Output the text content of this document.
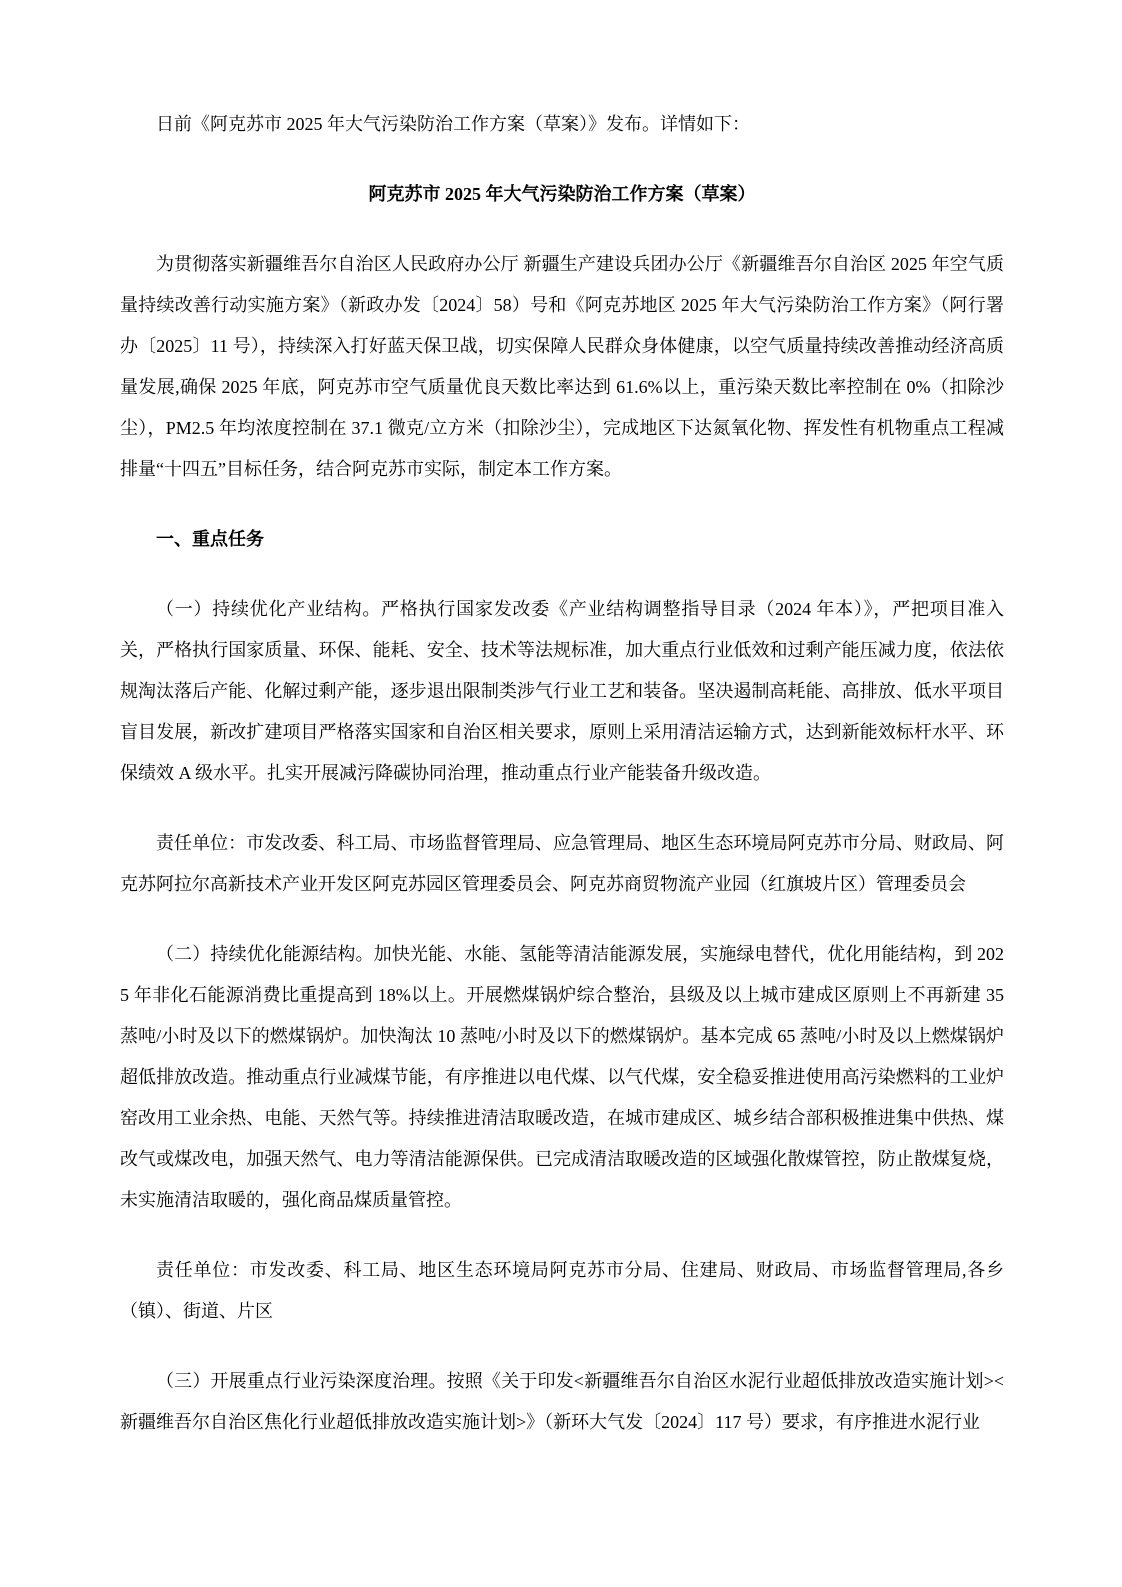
日前《阿克苏市 2025 年大气污染防治工作方案（草案）》发布。详情如下：

阿克苏市 2025 年大气污染防治工作方案（草案）

为贯彻落实新疆维吾尔自治区人民政府办公厅 新疆生产建设兵团办公厅《新疆维吾尔自治区 2025 年空气质量持续改善行动实施方案》（新政办发〔2024〕58）号和《阿克苏地区 2025 年大气污染防治工作方案》（阿行署办〔2025〕11 号），持续深入打好蓝天保卫战，切实保障人民群众身体健康，以空气质量持续改善推动经济高质量发展,确保 2025 年底，阿克苏市空气质量优良天数比率达到 61.6%以上，重污染天数比率控制在 0%（扣除沙尘），PM2.5 年均浓度控制在 37.1 微克/立方米（扣除沙尘），完成地区下达氮氧化物、挥发性有机物重点工程减排量“十四五”目标任务，结合阿克苏市实际，制定本工作方案。

一、重点任务

（一）持续优化产业结构。严格执行国家发改委《产业结构调整指导目录（2024 年本）》，严把项目准入关，严格执行国家质量、环保、能耗、安全、技术等法规标准，加大重点行业低效和过剩产能压减力度，依法依规淘汰落后产能、化解过剩产能，逐步退出限制类涉气行业工艺和装备。坚决遏制高耗能、高排放、低水平项目盲目发展，新改扩建项目严格落实国家和自治区相关要求，原则上采用清洁运输方式，达到新能效标杆水平、环保绩效 A 级水平。扎实开展减污降碳协同治理，推动重点行业产能装备升级改造。

责任单位：市发改委、科工局、市场监督管理局、应急管理局、地区生态环境局阿克苏市分局、财政局、阿克苏阿拉尔高新技术产业开发区阿克苏园区管理委员会、阿克苏商贸物流产业园（红旗坡片区）管理委员会

（二）持续优化能源结构。加快光能、水能、氢能等清洁能源发展，实施绿电替代，优化用能结构，到 2025 年非化石能源消费比重提高到 18%以上。开展燃煤锅炉综合整治，县级及以上城市建成区原则上不再新建 35 蒸吨/小时及以下的燃煤锅炉。加快淘汰 10 蒸吨/小时及以下的燃煤锅炉。基本完成 65 蒸吨/小时及以上燃煤锅炉超低排放改造。推动重点行业减煤节能，有序推进以电代煤、以气代煤，安全稳妥推进使用高污染燃料的工业炉窑改用工业余热、电能、天然气等。持续推进清洁取暖改造，在城市建成区、城乡结合部积极推进集中供热、煤改气或煤改电，加强天然气、电力等清洁能源保供。已完成清洁取暖改造的区域强化散煤管控，防止散煤复烧，未实施清洁取暖的，强化商品煤质量管控。

责任单位：市发改委、科工局、地区生态环境局阿克苏市分局、住建局、财政局、市场监督管理局,各乡（镇）、街道、片区

（三）开展重点行业污染深度治理。按照《关于印发<新疆维吾尔自治区水泥行业超低排放改造实施计划><新疆维吾尔自治区焦化行业超低排放改造实施计划>》（新环大气发〔2024〕117 号）要求，有序推进水泥行业
